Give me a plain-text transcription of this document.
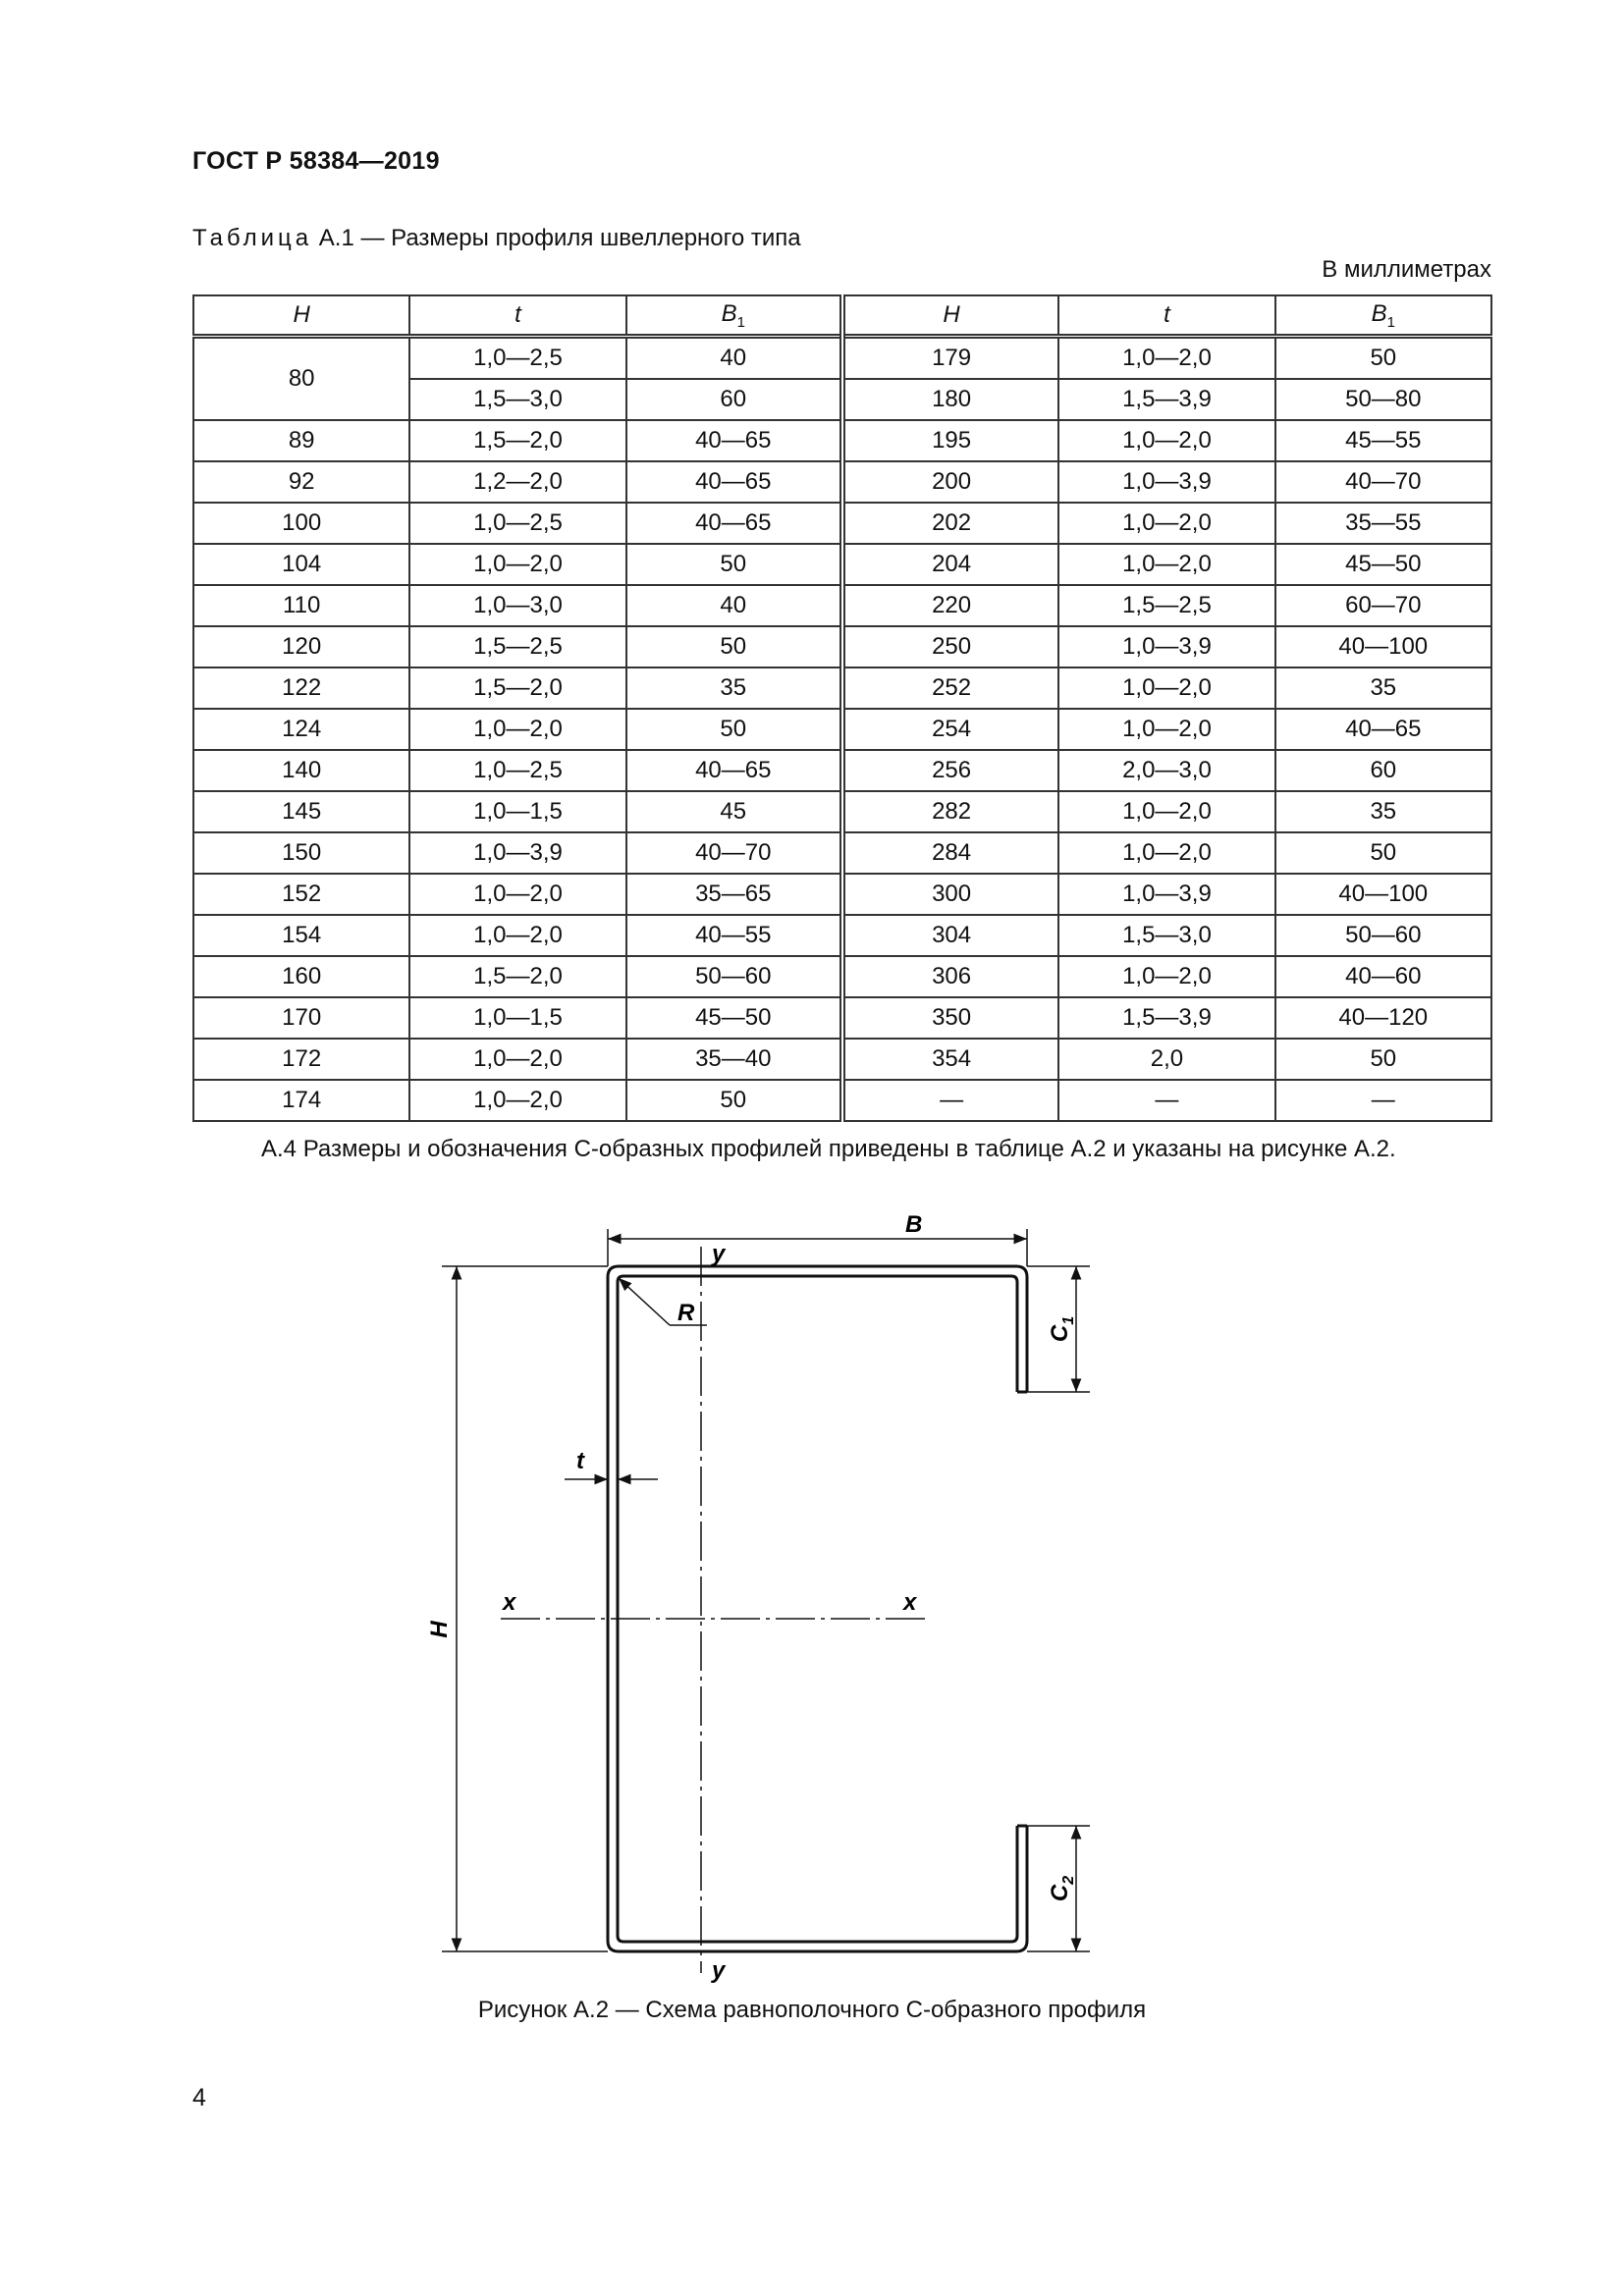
ГОСТ Р 58384—2019
Таблица А.1 — Размеры профиля швеллерного типа
В миллиметрах
H	t	$B_1$	H	t	$B_1$
80	1,0—2,5	40	179	1,0—2,0	50
	1,5—3,0	60	180	1,5—3,9	50—80
89	1,5—2,0	40—65	195	1,0—2,0	45—55
92	1,2—2,0	40—65	200	1,0—3,9	40—70
100	1,0—2,5	40—65	202	1,0—2,0	35—55
104	1,0—2,0	50	204	1,0—2,0	45—50
110	1,0—3,0	40	220	1,5—2,5	60—70
120	1,5—2,5	50	250	1,0—3,9	40—100
122	1,5—2,0	35	252	1,0—2,0	35
124	1,0—2,0	50	254	1,0—2,0	40—65
140	1,0—2,5	40—65	256	2,0—3,0	60
145	1,0—1,5	45	282	1,0—2,0	35
150	1,0—3,9	40—70	284	1,0—2,0	50
152	1,0—2,0	35—65	300	1,0—3,9	40—100
154	1,0—2,0	40—55	304	1,5—3,0	50—60
160	1,5—2,0	50—60	306	1,0—2,0	40—60
170	1,0—1,5	45—50	350	1,5—3,9	40—120
172	1,0—2,0	35—40	354	2,0	50
174	1,0—2,0	50	—	—	—
А.4 Размеры и обозначения С-образных профилей приведены в таблице А.2 и указаны на рисунке А.2.
B
y
y
R
$C_1$
$C_2$
t
H
x	x
Рисунок А.2 — Схема равнополочного С-образного профиля
4
